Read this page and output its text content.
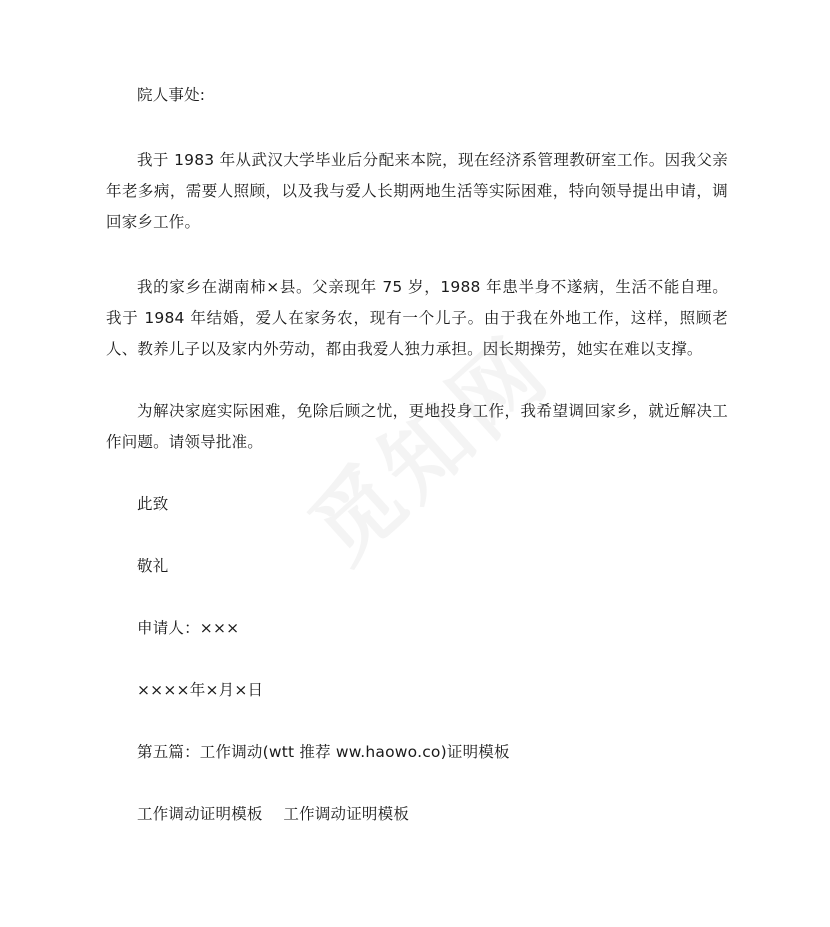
院人事处:
我于 1983 年从武汉大学毕业后分配来本院，现在经济系管理教研室工作。因我父亲年老多病，需要人照顾，以及我与爱人长期两地生活等实际困难，特向领导提出申请，调回家乡工作。
我的家乡在湖南柿×县。父亲现年 75 岁，1988 年患半身不遂病，生活不能自理。我于 1984 年结婚，爱人在家务农，现有一个儿子。由于我在外地工作，这样，照顾老人、教养儿子以及家内外劳动，都由我爱人独力承担。因长期操劳，她实在难以支撑。
为解决家庭实际困难，免除后顾之忧，更地投身工作，我希望调回家乡，就近解决工作问题。请领导批准。
此致
敬礼
申请人：×××
××××年×月×日
第五篇：工作调动(wtt 推荐 ww.haowo.co)证明模板
工作调动证明模板　 工作调动证明模板
